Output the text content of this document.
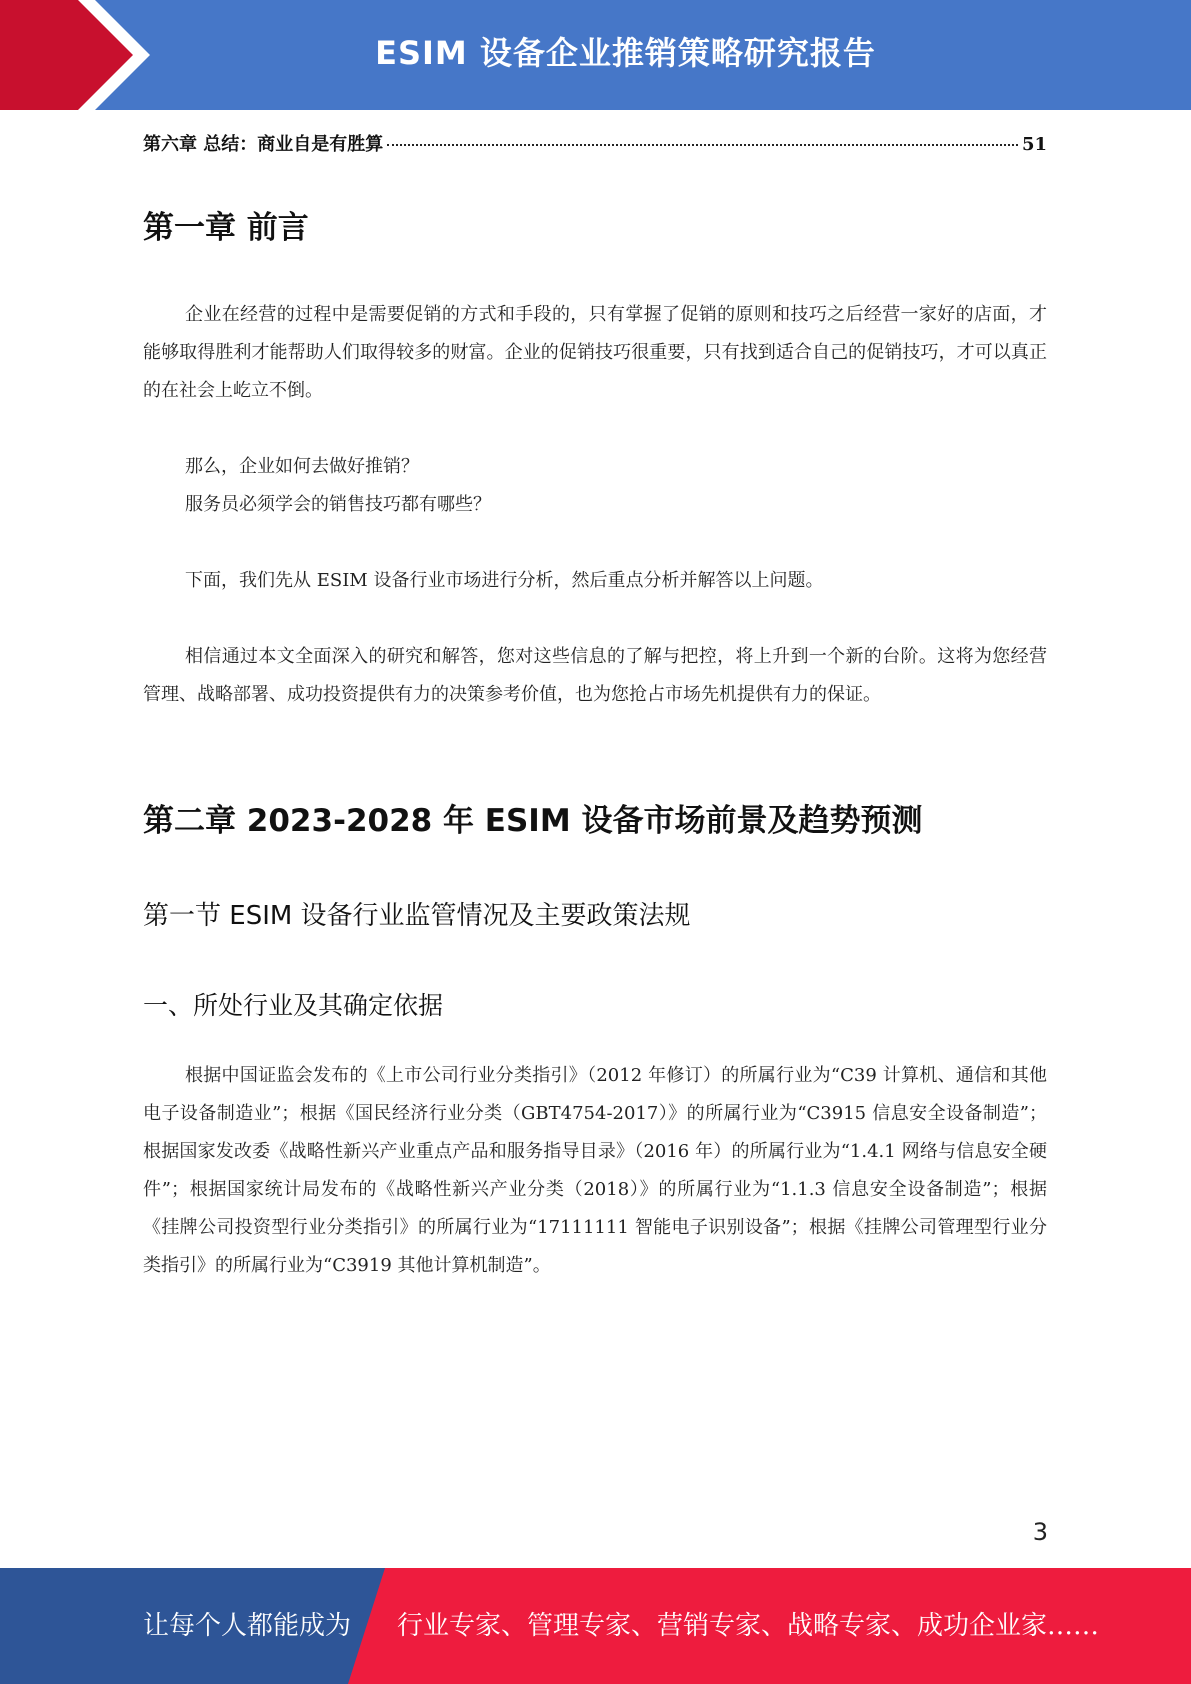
ESIM 设备企业推销策略研究报告
第六章 总结：商业自是有胜算	51
第一章 前言

企业在经营的过程中是需要促销的方式和手段的，只有掌握了促销的原则和技巧之后经营一家好的店面，才能够取得胜利才能帮助人们取得较多的财富。企业的促销技巧很重要，只有找到适合自己的促销技巧，才可以真正的在社会上屹立不倒。

那么，企业如何去做好推销？

服务员必须学会的销售技巧都有哪些？

下面，我们先从 ESIM 设备行业市场进行分析，然后重点分析并解答以上问题。

相信通过本文全面深入的研究和解答，您对这些信息的了解与把控，将上升到一个新的台阶。这将为您经营管理、战略部署、成功投资提供有力的决策参考价值，也为您抢占市场先机提供有力的保证。

第二章 2023-2028 年 ESIM 设备市场前景及趋势预测
第一节 ESIM 设备行业监管情况及主要政策法规
一、所处行业及其确定依据

根据中国证监会发布的《上市公司行业分类指引》（2012 年修订）的所属行业为“C39 计算机、通信和其他电子设备制造业”；根据《国民经济行业分类（GBT4754-2017）》的所属行业为“C3915 信息安全设备制造”；根据国家发改委《战略性新兴产业重点产品和服务指导目录》（2016 年）的所属行业为“1.4.1 网络与信息安全硬件”；根据国家统计局发布的《战略性新兴产业分类（2018）》的所属行业为“1.1.3 信息安全设备制造”；根据《挂牌公司投资型行业分类指引》的所属行业为“17111111 智能电子识别设备”；根据《挂牌公司管理型行业分类指引》的所属行业为“C3919 其他计算机制造”。

3
让每个人都能成为 行业专家、管理专家、营销专家、战略专家、成功企业家……
